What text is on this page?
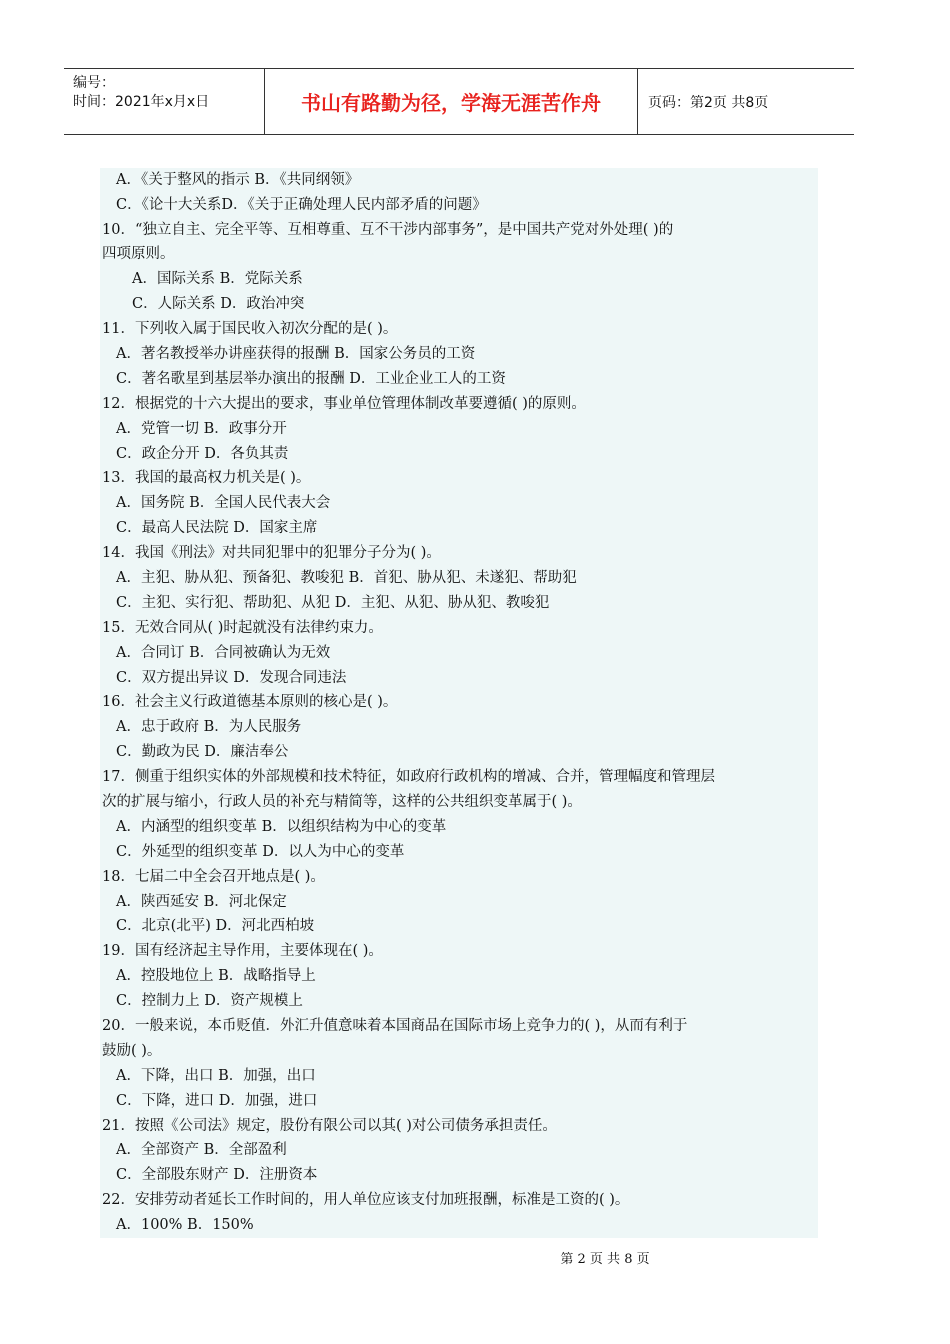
编号：
时间：2021年x月x日	书山有路勤为径，学海无涯苦作舟	页码：第2页 共8页
A．《关于整风的指示 B．《共同纲领》
C．《论十大关系D．《关于正确处理人民内部矛盾的问题》
10．“独立自主、完全平等、互相尊重、互不干涉内部事务”，是中国共产党对外处理( )的
四项原则。
A．国际关系 B．党际关系
C．人际关系 D．政治冲突
11．下列收入属于国民收入初次分配的是( )。
A．著名教授举办讲座获得的报酬 B．国家公务员的工资
C．著名歌星到基层举办演出的报酬 D．工业企业工人的工资
12．根据党的十六大提出的要求，事业单位管理体制改革要遵循( )的原则。
A．党管一切 B．政事分开
C．政企分开 D．各负其责
13．我国的最高权力机关是( )。
A．国务院 B．全国人民代表大会
C．最高人民法院 D．国家主席
14．我国《刑法》对共同犯罪中的犯罪分子分为( )。
A．主犯、胁从犯、预备犯、教唆犯 B．首犯、胁从犯、未遂犯、帮助犯
C．主犯、实行犯、帮助犯、从犯 D．主犯、从犯、胁从犯、教唆犯
15．无效合同从( )时起就没有法律约束力。
A．合同订 B．合同被确认为无效
C．双方提出异议 D．发现合同违法
16．社会主义行政道德基本原则的核心是( )。
A．忠于政府 B．为人民服务
C．勤政为民 D．廉洁奉公
17．侧重于组织实体的外部规模和技术特征，如政府行政机构的增减、合并，管理幅度和管理层
次的扩展与缩小，行政人员的补充与精简等，这样的公共组织变革属于( )。
A．内涵型的组织变革 B．以组织结构为中心的变革
C．外延型的组织变革 D．以人为中心的变革
18．七届二中全会召开地点是( )。
A．陕西延安 B．河北保定
C．北京(北平) D．河北西柏坡
19．国有经济起主导作用，主要体现在( )。
A．控股地位上 B．战略指导上
C．控制力上 D．资产规模上
20．一般来说，本币贬值．外汇升值意味着本国商品在国际市场上竞争力的( )，从而有利于
鼓励( )。
A．下降，出口 B．加强，出口
C．下降，进口 D．加强，进口
21．按照《公司法》规定，股份有限公司以其( )对公司债务承担责任。
A．全部资产 B．全部盈利
C．全部股东财产 D．注册资本
22．安排劳动者延长工作时间的，用人单位应该支付加班报酬，标准是工资的( )。
A．100% B．150%
第 2 页 共 8 页
